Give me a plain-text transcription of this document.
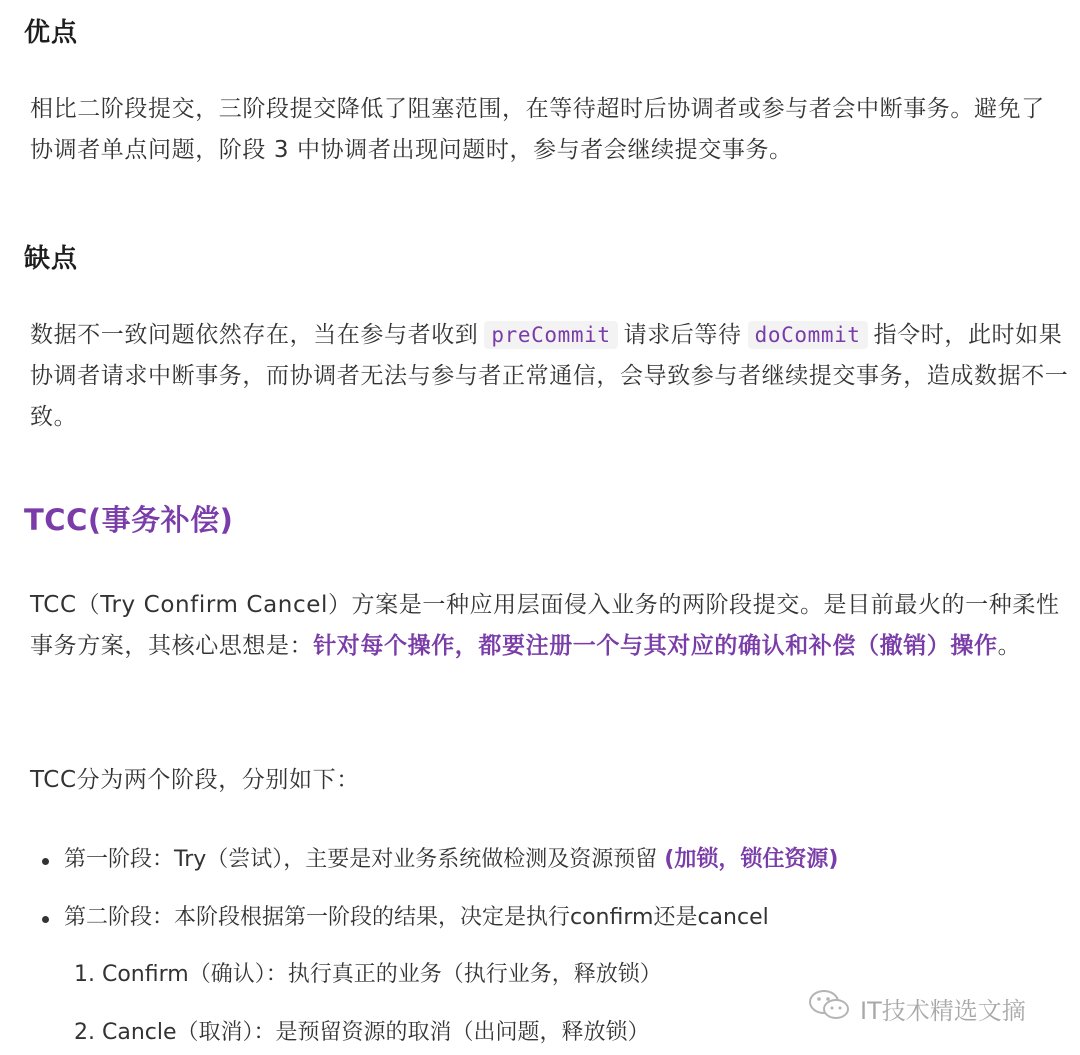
优点

相比二阶段提交，三阶段提交降低了阻塞范围，在等待超时后协调者或参与者会中断事务。避免了协调者单点问题，阶段 3 中协调者出现问题时，参与者会继续提交事务。

缺点

数据不一致问题依然存在，当在参与者收到 preCommit 请求后等待 doCommit 指令时，此时如果协调者请求中断事务，而协调者无法与参与者正常通信，会导致参与者继续提交事务，造成数据不一致。

TCC(事务补偿)

TCC（Try Confirm Cancel）方案是一种应用层面侵入业务的两阶段提交。是目前最火的一种柔性事务方案，其核心思想是：针对每个操作，都要注册一个与其对应的确认和补偿（撤销）操作。

TCC分为两个阶段，分别如下：

第一阶段：Try（尝试），主要是对业务系统做检测及资源预留 (加锁，锁住资源)
第二阶段：本阶段根据第一阶段的结果，决定是执行confirm还是cancel
1. Confirm（确认）：执行真正的业务（执行业务，释放锁）
2. Cancle（取消）：是预留资源的取消（出问题，释放锁）
IT技术精选文摘
